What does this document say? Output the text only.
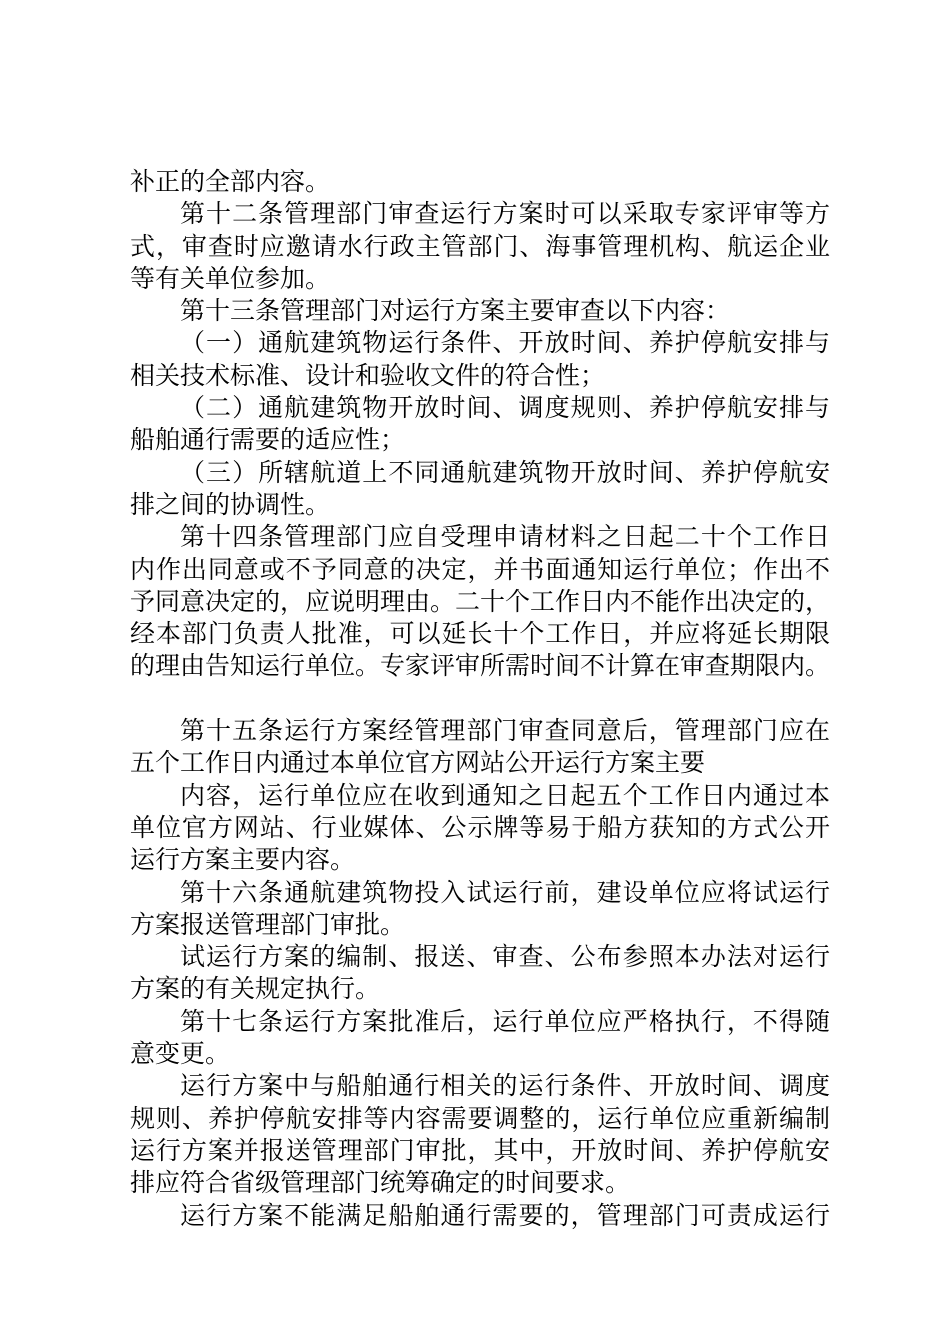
补正的全部内容。
第十二条管理部门审查运行方案时可以采取专家评审等方
式，审查时应邀请水行政主管部门、海事管理机构、航运企业
等有关单位参加。
第十三条管理部门对运行方案主要审查以下内容：
（一）通航建筑物运行条件、开放时间、养护停航安排与
相关技术标准、设计和验收文件的符合性；
（二）通航建筑物开放时间、调度规则、养护停航安排与
船舶通行需要的适应性；
（三）所辖航道上不同通航建筑物开放时间、养护停航安
排之间的协调性。
第十四条管理部门应自受理申请材料之日起二十个工作日
内作出同意或不予同意的决定，并书面通知运行单位；作出不
予同意决定的，应说明理由。二十个工作日内不能作出决定的，
经本部门负责人批准，可以延长十个工作日，并应将延长期限
的理由告知运行单位。专家评审所需时间不计算在审查期限内。
第十五条运行方案经管理部门审查同意后，管理部门应在
五个工作日内通过本单位官方网站公开运行方案主要
内容，运行单位应在收到通知之日起五个工作日内通过本
单位官方网站、行业媒体、公示牌等易于船方获知的方式公开
运行方案主要内容。
第十六条通航建筑物投入试运行前，建设单位应将试运行
方案报送管理部门审批。
试运行方案的编制、报送、审查、公布参照本办法对运行
方案的有关规定执行。
第十七条运行方案批准后，运行单位应严格执行，不得随
意变更。
运行方案中与船舶通行相关的运行条件、开放时间、调度
规则、养护停航安排等内容需要调整的，运行单位应重新编制
运行方案并报送管理部门审批，其中，开放时间、养护停航安
排应符合省级管理部门统筹确定的时间要求。
运行方案不能满足船舶通行需要的，管理部门可责成运行
